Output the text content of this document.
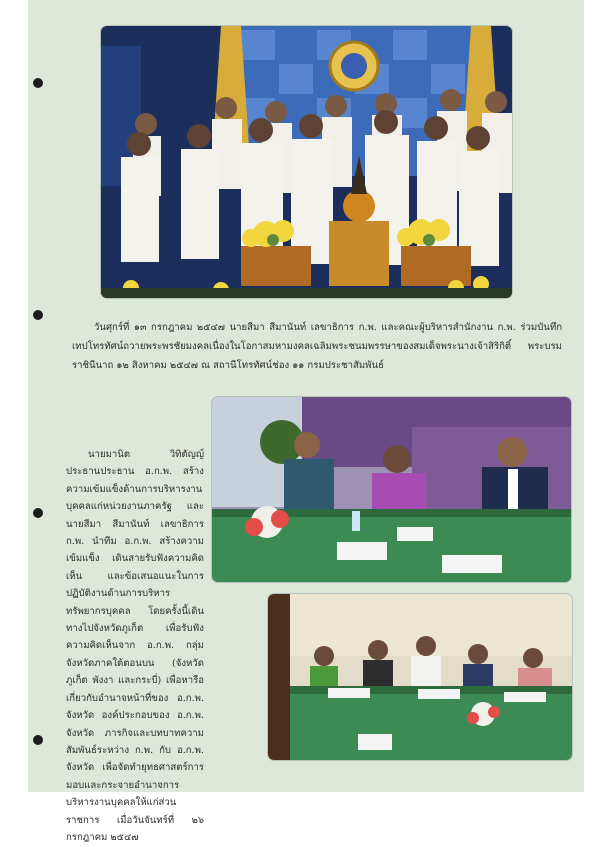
วันศุกร์ที่ ๑๓ กรกฎาคม ๒๕๔๗ นายสีมา สีมานันท์ เลขาธิการ ก.พ. และคณะผู้บริหารสำนักงาน ก.พ. ร่วมบันทึกเทปโทรทัศน์ถวายพระพรชัยมงคลเนื่องในโอกาสมหามงคลเฉลิมพระชนมพรรษาของสมเด็จพระนางเจ้าสิริกิติ์ พระบรมราชินีนาถ ๑๒ สิงหาคม ๒๕๔๗ ณ สถานีโทรทัศน์ช่อง ๑๑ กรมประชาสัมพันธ์

นายมานิต วิทิตัญญ์ ประธานประธาน อ.ก.พ. สร้างความเข้มแข็งด้านการบริหารงานบุคคลแก่หน่วยงานภาครัฐ และนายสีมา สีมานันท์ เลขาธิการ ก.พ. นำทีม อ.ก.พ. สร้างความเข้มแข็ง เดินสายรับฟังความคิดเห็น และข้อเสนอแนะในการปฏิบัติงานด้านการบริหารทรัพยากรบุคคล โดยครั้งนี้เดินทางไปจังหวัดภูเก็ต เพื่อรับฟังความคิดเห็นจาก อ.ก.พ. กลุ่มจังหวัดภาคใต้ตอนบน (จังหวัดภูเก็ต พังงา และกระบี่) เพื่อหารือเกี่ยวกับอำนาจหน้าที่ของ อ.ก.พ. จังหวัด องค์ประกอบของ อ.ก.พ. จังหวัด ภารกิจและบทบาทความสัมพันธ์ระหว่าง ก.พ. กับ อ.ก.พ. จังหวัด เพื่อจัดทำยุทธศาสตร์การมอบและกระจายอำนาจการบริหารงานบุคคลให้แก่ส่วนราชการ เมื่อวันจันทร์ที่ ๒๖ กรกฎาคม ๒๕๔๗
